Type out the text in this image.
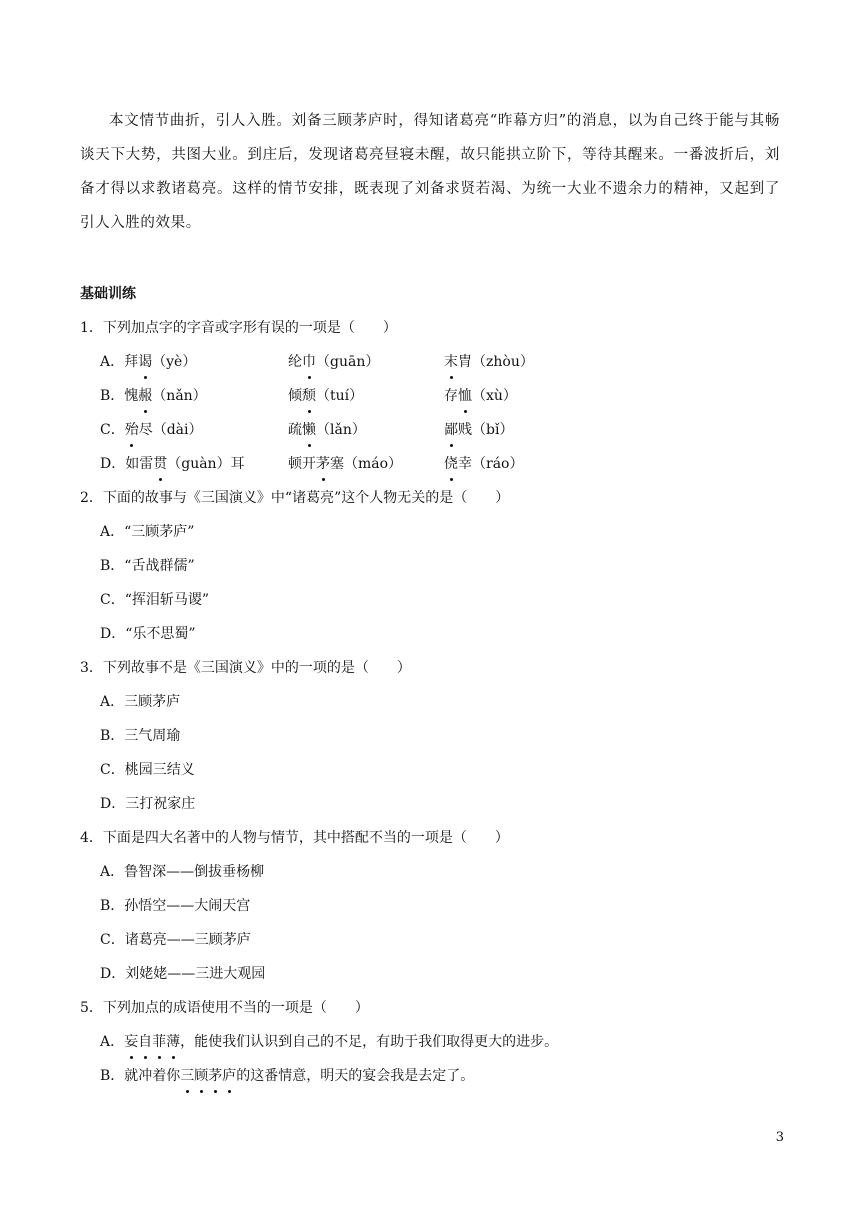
本文情节曲折，引人入胜。刘备三顾茅庐时，得知诸葛亮“昨幕方归”的消息，以为自己终于能与其畅谈天下大势，共图大业。到庄后，发现诸葛亮昼寝未醒，故只能拱立阶下，等待其醒来。一番波折后，刘备才得以求教诸葛亮。这样的情节安排，既表现了刘备求贤若渴、为统一大业不遗余力的精神，又起到了引人入胜的效果。

基础训练
1．下列加点字的字音或字形有误的一项是（　　）
A．拜谒（yè）	纶巾（guān）	末胄（zhòu）
B．愧赧（nǎn）	倾颓（tuí）	存恤（xù）
C．殆尽（dài）	疏懒（lǎn）	鄙贱（bǐ）
D．如雷贯（guàn）耳	顿开茅塞（máo）	侥幸（ráo）
2．下面的故事与《三国演义》中“诸葛亮”这个人物无关的是（　　）
A．“三顾茅庐”
B．“舌战群儒”
C．“挥泪斩马谡”
D．“乐不思蜀”
3．下列故事不是《三国演义》中的一项的是（　　）
A．三顾茅庐
B．三气周瑜
C．桃园三结义
D．三打祝家庄
4．下面是四大名著中的人物与情节，其中搭配不当的一项是（　　）
A．鲁智深——倒拔垂杨柳
B．孙悟空——大闹天宫
C．诸葛亮——三顾茅庐
D．刘姥姥——三进大观园
5．下列加点的成语使用不当的一项是（　　）
A．妄自菲薄，能使我们认识到自己的不足，有助于我们取得更大的进步。
B．就冲着你三顾茅庐的这番情意，明天的宴会我是去定了。
3
